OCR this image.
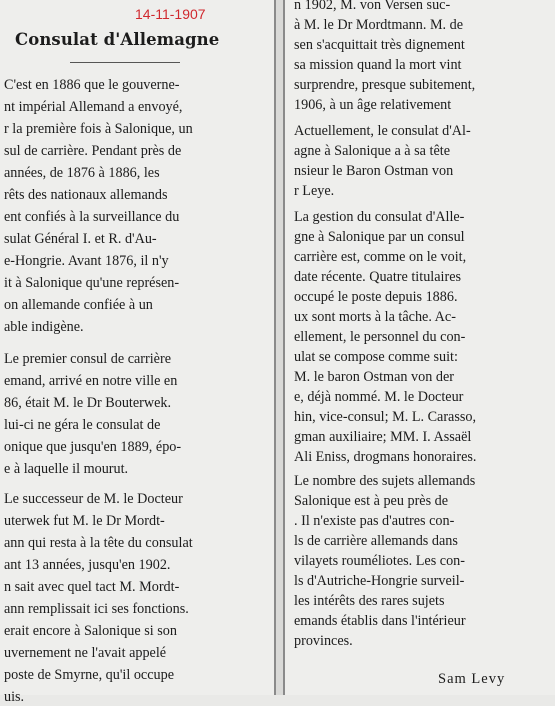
14-11-1907
Consulat d'Allemagne
C'est en 1886 que le gouverne-
nt impérial Allemand a envoyé,
r la première fois à Salonique, un
sul de carrière. Pendant près de
années, de 1876 à 1886, les
rêts des nationaux allemands
ent confiés à la surveillance du
sulat Général I. et R. d'Au-
e-Hongrie. Avant 1876, il n'y
it à Salonique qu'une représen-
on allemande confiée à un
able indigène.
Le premier consul de carrière
emand, arrivé en notre ville en
86, était M. le Dr Bouterwek.
lui-ci ne géra le consulat de
onique que jusqu'en 1889, épo-
e à laquelle il mourut.
Le successeur de M. le Docteur
uterwek fut M. le Dr Mordt-
ann qui resta à la tête du consulat
ant 13 années, jusqu'en 1902.
n sait avec quel tact M. Mordt-
ann remplissait ici ses fonctions.
erait encore à Salonique si son
uvernement ne l'avait appelé
poste de Smyrne, qu'il occupe
uis.
n 1902, M. von Versen suc-
à M. le Dr Mordtmann. M. de
sen s'acquittait très dignement
sa mission quand la mort vint
surprendre, presque subitement,
1906, à un âge relativement
Actuellement, le consulat d'Al-
agne à Salonique a à sa tête
nsieur le Baron Ostman von
r Leye.
La gestion du consulat d'Alle-
gne à Salonique par un consul
carrière est, comme on le voit,
date récente. Quatre titulaires
occupé le poste depuis 1886.
ux sont morts à la tâche. Ac-
ellement, le personnel du con-
ulat se compose comme suit:
M. le baron Ostman von der
e, déjà nommé. M. le Docteur
hin, vice-consul; M. L. Carasso,
gman auxiliaire; MM. I. Assaël
Ali Eniss, drogmans honoraires.
Le nombre des sujets allemands
Salonique est à peu près de
. Il n'existe pas d'autres con-
ls de carrière allemands dans
vilayets rouméliotes. Les con-
ls d'Autriche-Hongrie surveil-
les intérêts des rares sujets
emands établis dans l'intérieur
provinces.
Sam Levy
